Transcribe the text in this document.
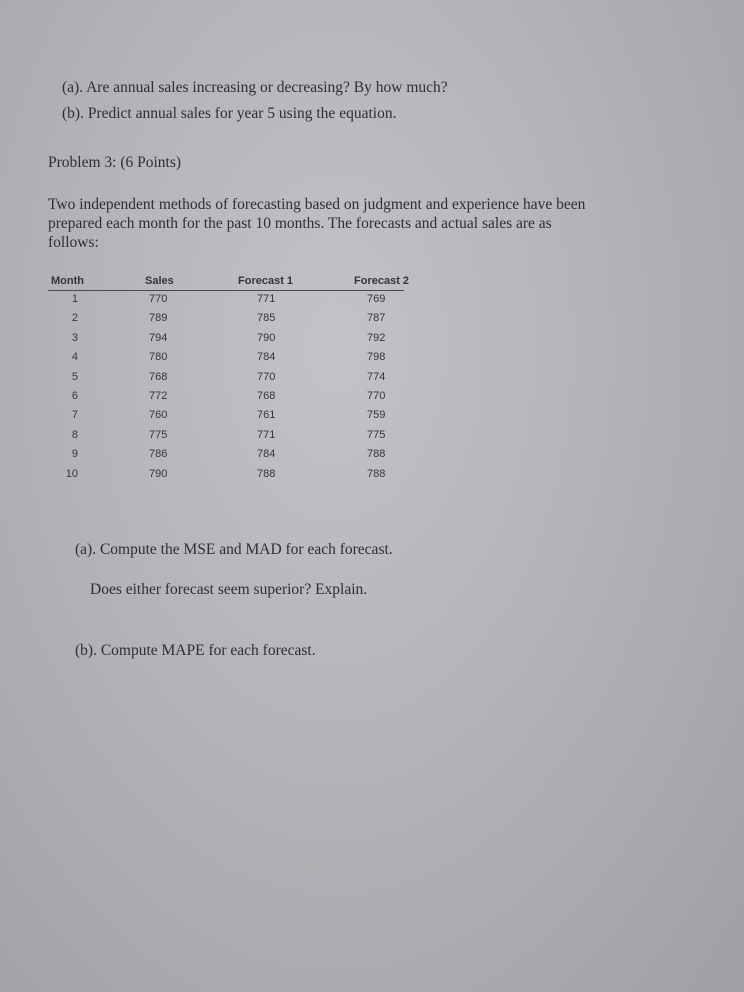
(a). Are annual sales increasing or decreasing? By how much?
(b). Predict annual sales for year 5 using the equation.
Problem 3: (6 Points)
Two independent methods of forecasting based on judgment and experience have been
prepared each month for the past 10 months. The forecasts and actual sales are as
follows:
Month	Sales	Forecast 1	Forecast 2
1	770	771	769
2	789	785	787
3	794	790	792
4	780	784	798
5	768	770	774
6	772	768	770
7	760	761	759
8	775	771	775
9	786	784	788
10	790	788	788
(a). Compute the MSE and MAD for each forecast.
Does either forecast seem superior? Explain.
(b). Compute MAPE for each forecast.
